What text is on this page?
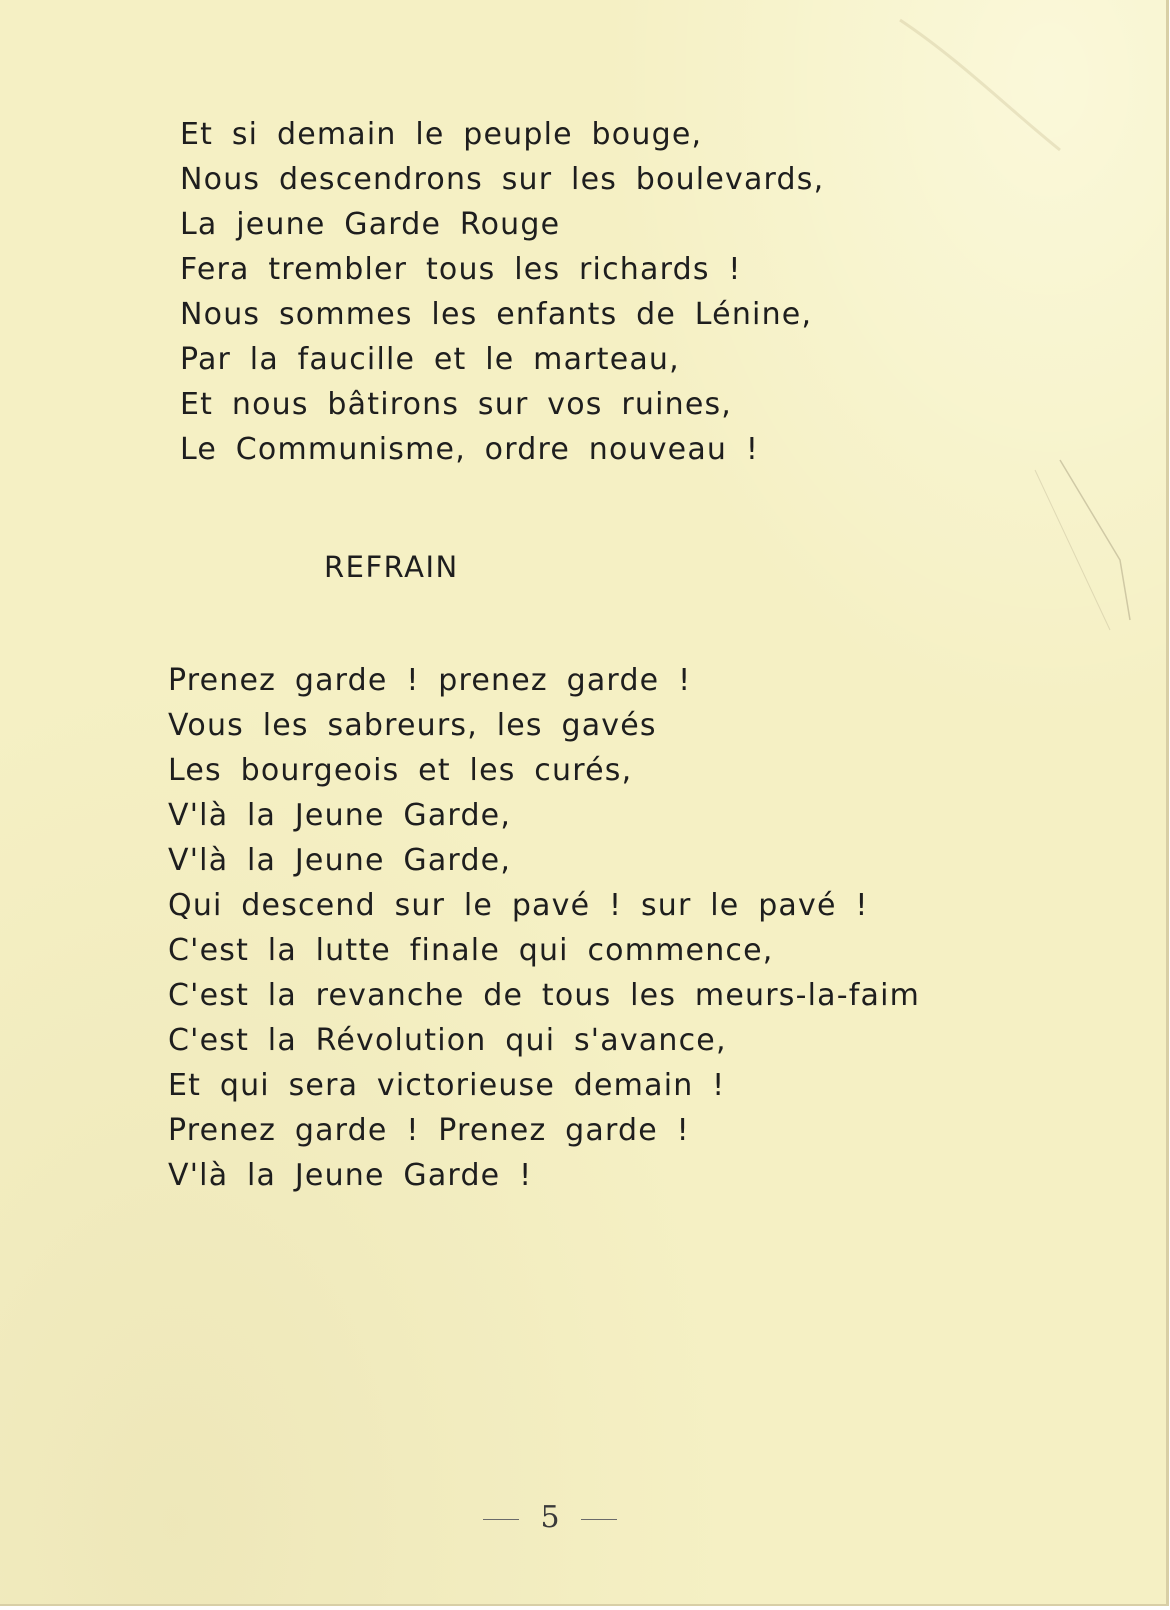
Et si demain le peuple bouge,
Nous descendrons sur les boulevards,
La jeune Garde Rouge
Fera trembler tous les richards !
Nous sommes les enfants de Lénine,
Par la faucille et le marteau,
Et nous bâtirons sur vos ruines,
Le Communisme, ordre nouveau !
REFRAIN
Prenez garde ! prenez garde !
Vous les sabreurs, les gavés
Les bourgeois et les curés,
V'là la Jeune Garde,
V'là la Jeune Garde,
Qui descend sur le pavé ! sur le pavé !
C'est la lutte finale qui commence,
C'est la revanche de tous les meurs-la-faim
C'est la Révolution qui s'avance,
Et qui sera victorieuse demain !
Prenez garde ! Prenez garde !
V'là la Jeune Garde !
5
